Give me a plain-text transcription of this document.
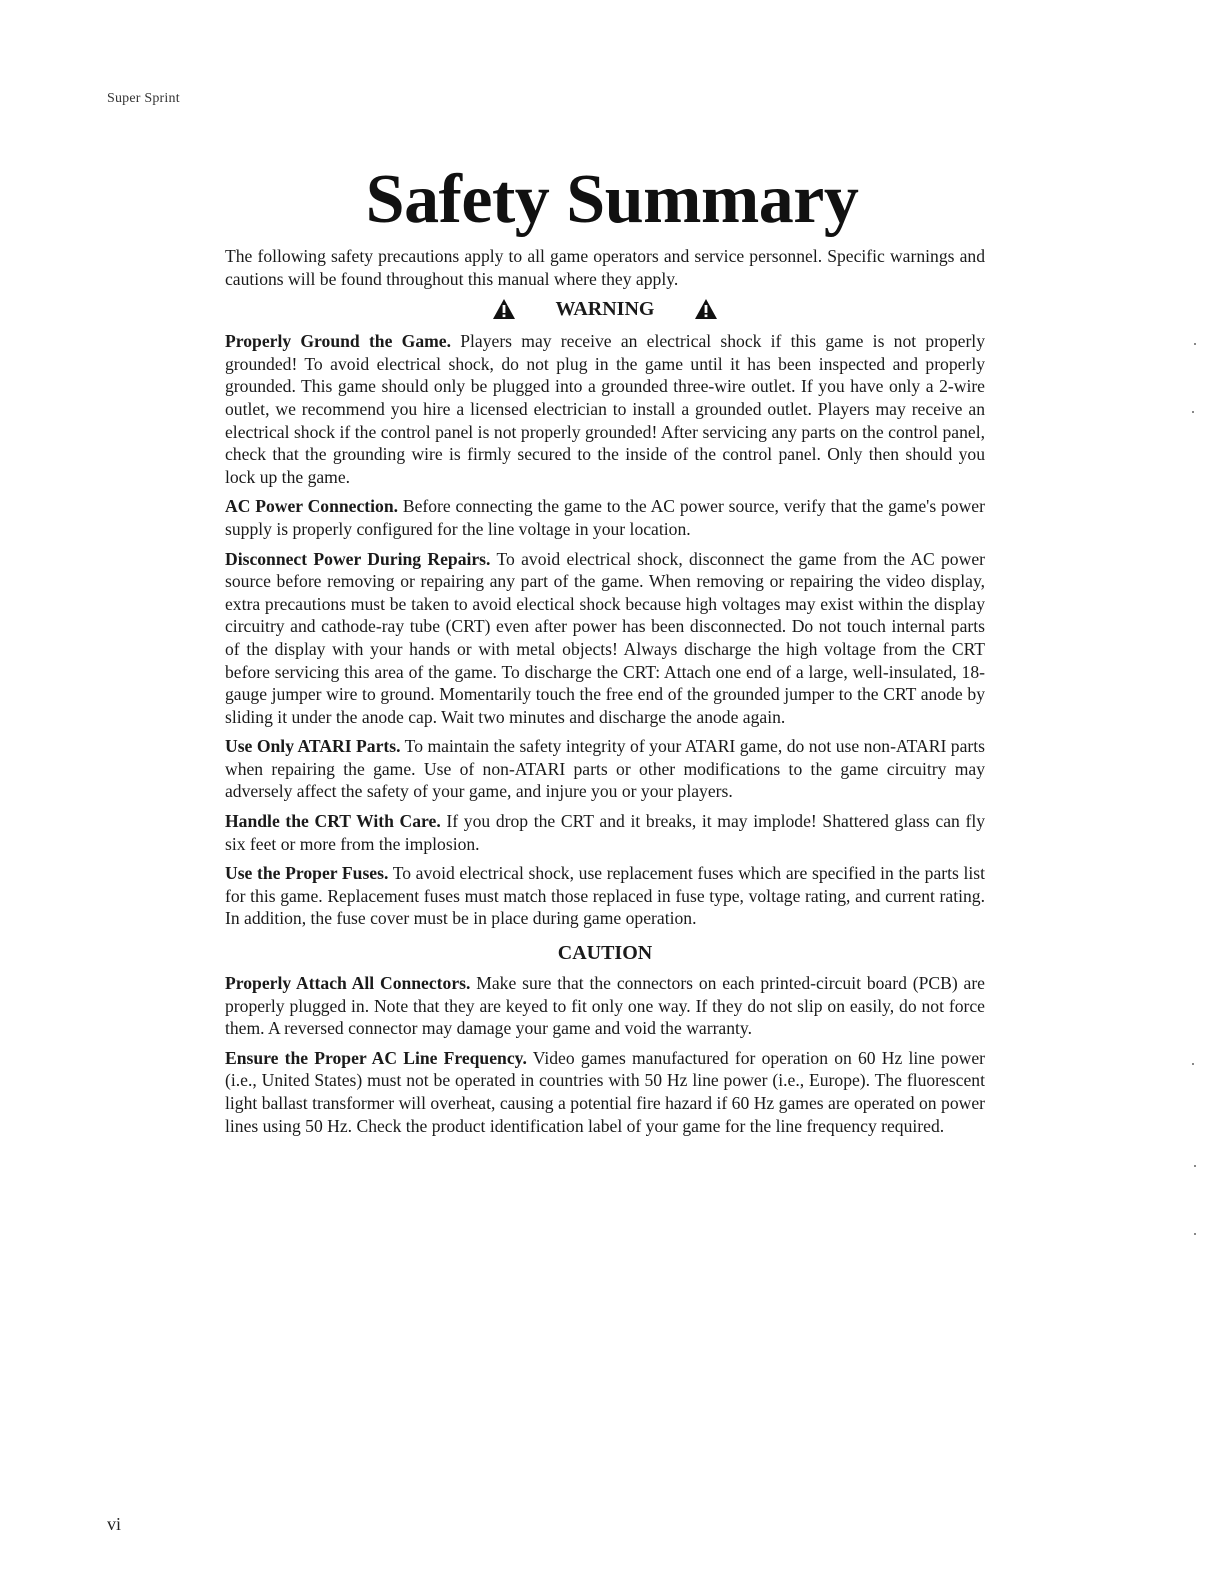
Super Sprint
Safety Summary

The following safety precautions apply to all game operators and service personnel. Specific warnings and cautions will be found throughout this manual where they apply.

WARNING

Properly Ground the Game. Players may receive an electrical shock if this game is not properly grounded! To avoid electrical shock, do not plug in the game until it has been inspected and properly grounded. This game should only be plugged into a grounded three-wire outlet. If you have only a 2-wire outlet, we recommend you hire a licensed electrician to install a grounded outlet. Players may receive an electrical shock if the control panel is not properly grounded! After servicing any parts on the control panel, check that the grounding wire is firmly secured to the inside of the control panel. Only then should you lock up the game.

AC Power Connection. Before connecting the game to the AC power source, verify that the game's power supply is properly configured for the line voltage in your location.

Disconnect Power During Repairs. To avoid electrical shock, disconnect the game from the AC power source before removing or repairing any part of the game. When removing or repairing the video display, extra precautions must be taken to avoid electical shock because high voltages may exist within the display circuitry and cathode-ray tube (CRT) even after power has been disconnected. Do not touch internal parts of the display with your hands or with metal objects! Always discharge the high voltage from the CRT before servicing this area of the game. To discharge the CRT: Attach one end of a large, well-insulated, 18-gauge jumper wire to ground. Momentarily touch the free end of the grounded jumper to the CRT anode by sliding it under the anode cap. Wait two minutes and discharge the anode again.

Use Only ATARI Parts. To maintain the safety integrity of your ATARI game, do not use non-ATARI parts when repairing the game. Use of non-ATARI parts or other modifications to the game circuitry may adversely affect the safety of your game, and injure you or your players.

Handle the CRT With Care. If you drop the CRT and it breaks, it may implode! Shattered glass can fly six feet or more from the implosion.

Use the Proper Fuses. To avoid electrical shock, use replacement fuses which are specified in the parts list for this game. Replacement fuses must match those replaced in fuse type, voltage rating, and current rating. In addition, the fuse cover must be in place during game operation.

CAUTION

Properly Attach All Connectors. Make sure that the connectors on each printed-circuit board (PCB) are properly plugged in. Note that they are keyed to fit only one way. If they do not slip on easily, do not force them. A reversed connector may damage your game and void the warranty.

Ensure the Proper AC Line Frequency. Video games manufactured for operation on 60 Hz line power (i.e., United States) must not be operated in countries with 50 Hz line power (i.e., Europe). The fluorescent light ballast transformer will overheat, causing a potential fire hazard if 60 Hz games are operated on power lines using 50 Hz. Check the product identification label of your game for the line frequency required.

vi
